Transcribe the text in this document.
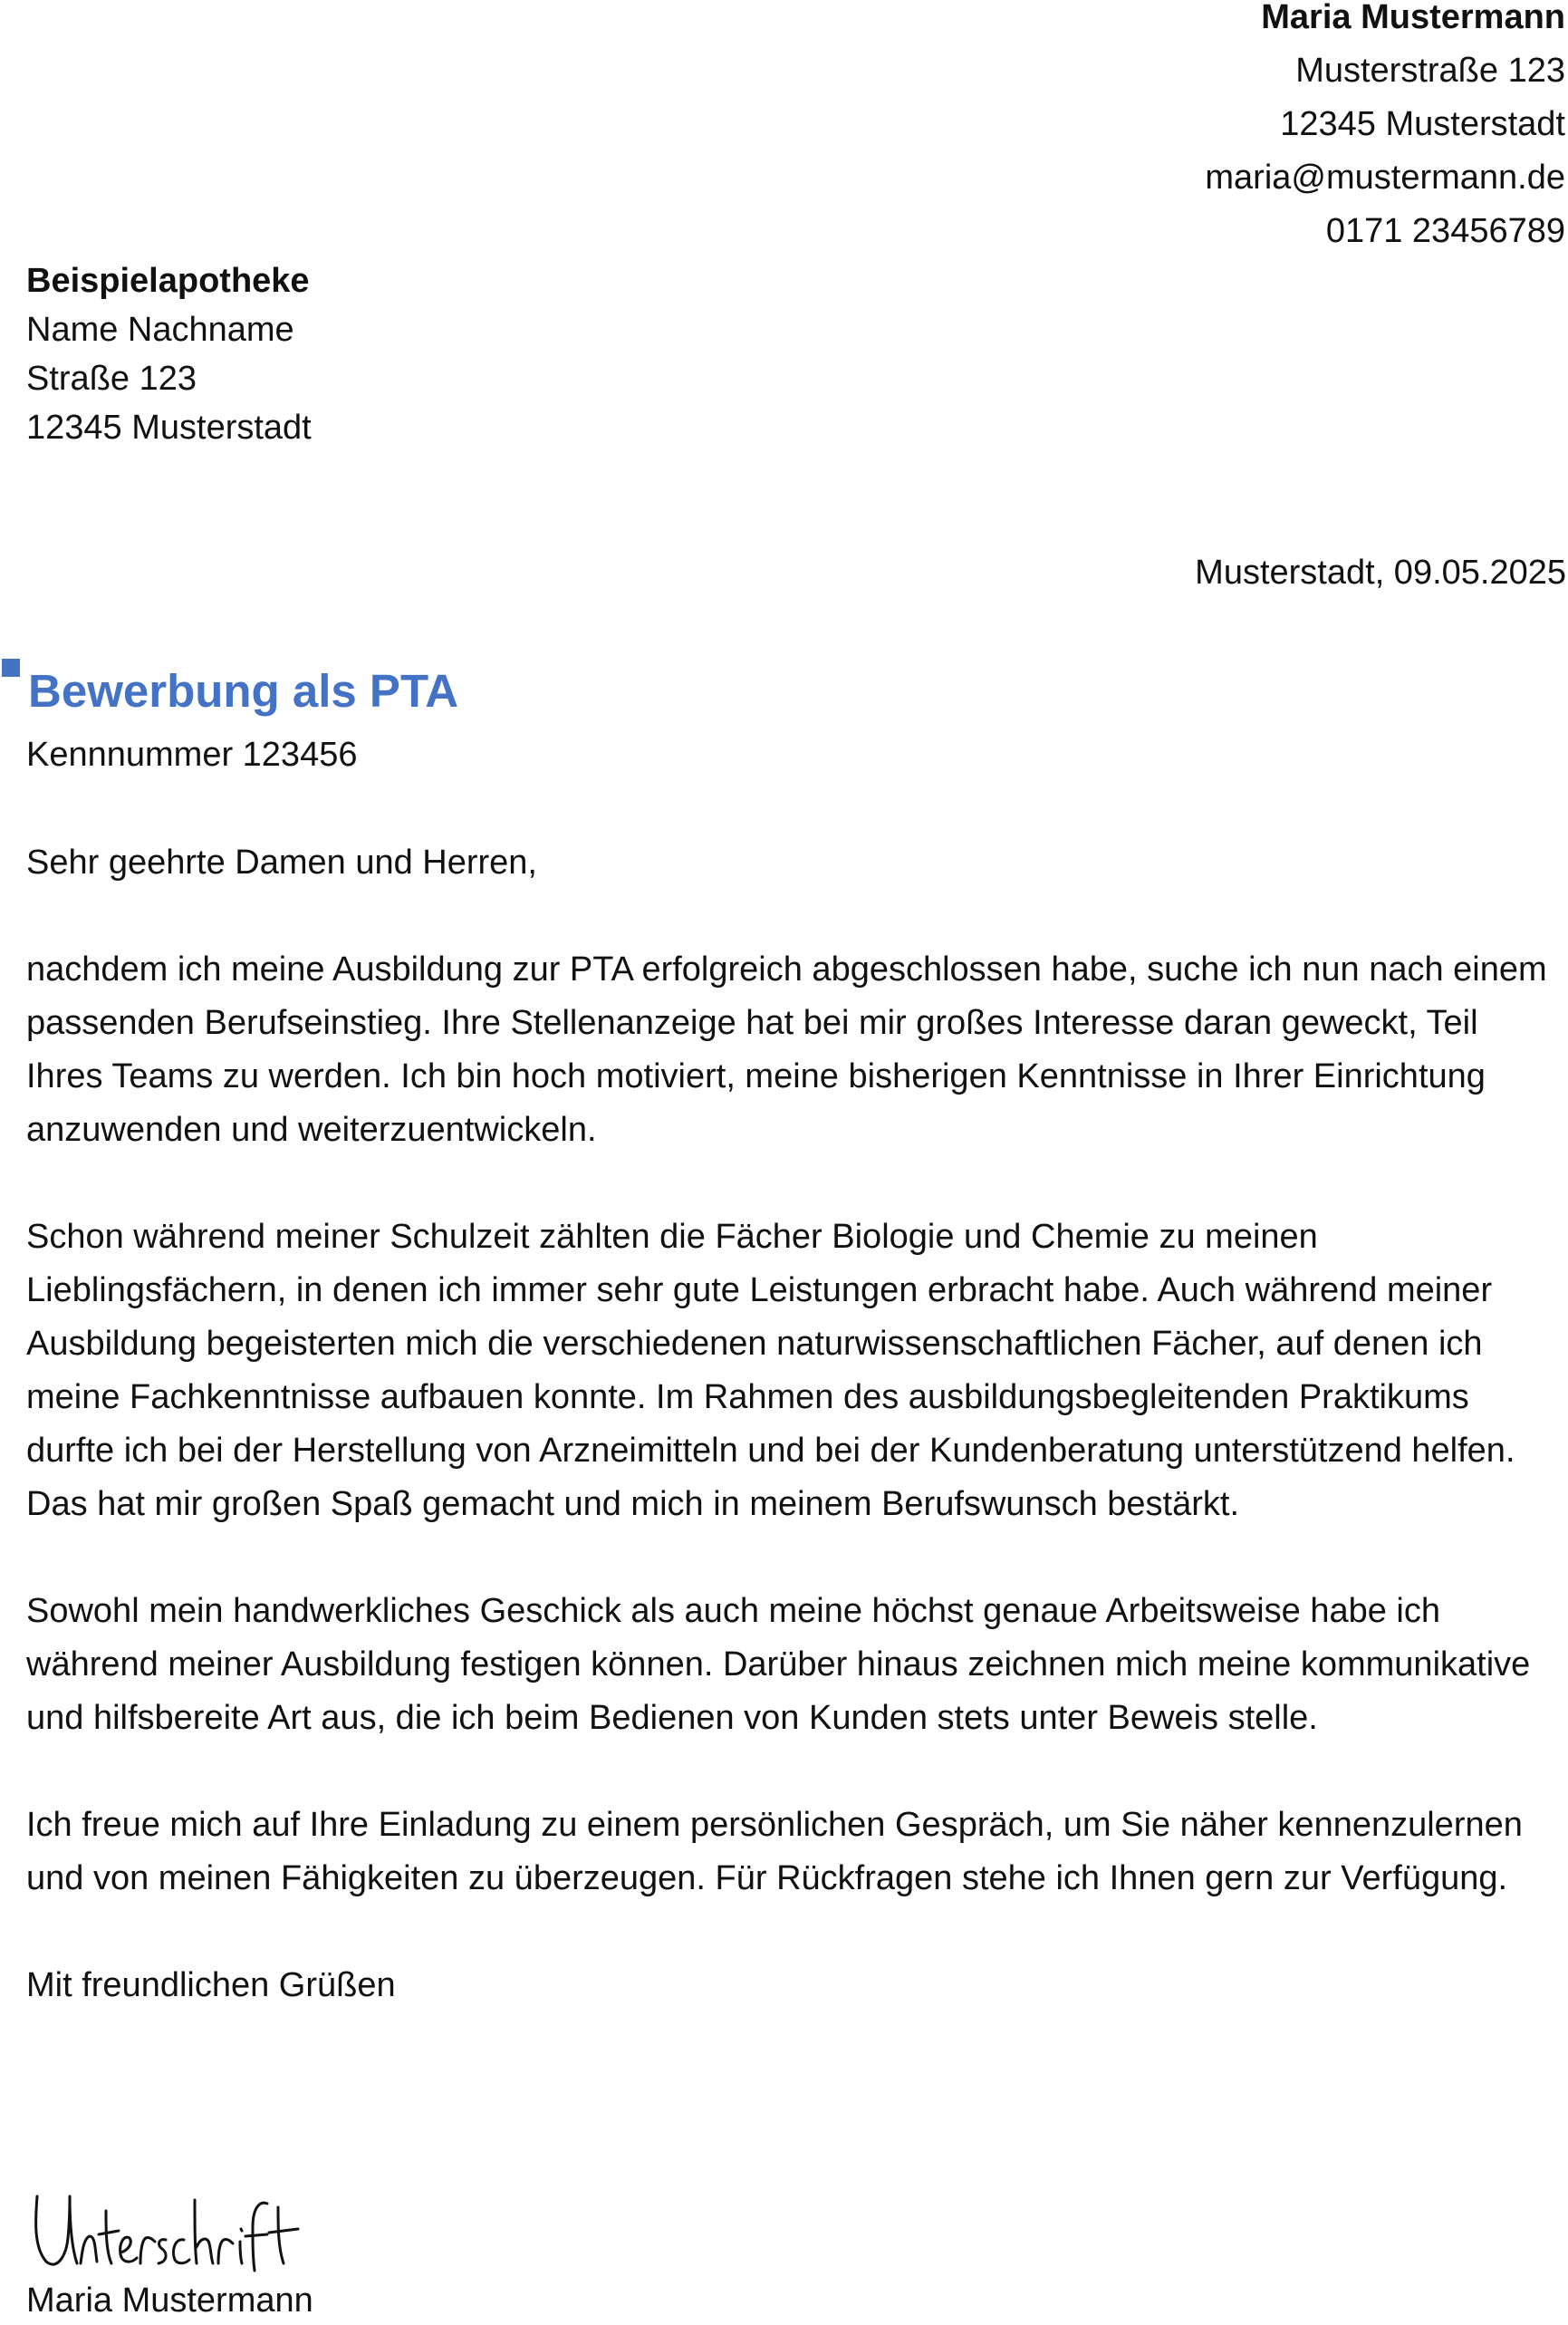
Maria Mustermann
Musterstraße 123
12345 Musterstadt
maria@mustermann.de
0171 23456789
Beispielapotheke
Name Nachname
Straße 123
12345 Musterstadt
Musterstadt, 09.05.2025
Bewerbung als PTA
Kennnummer 123456

Sehr geehrte Damen und Herren,

nachdem ich meine Ausbildung zur PTA erfolgreich abgeschlossen habe, suche ich nun nach einem passenden Berufseinstieg. Ihre Stellenanzeige hat bei mir großes Interesse daran geweckt, Teil Ihres Teams zu werden. Ich bin hoch motiviert, meine bisherigen Kenntnisse in Ihrer Einrichtung anzuwenden und weiterzuentwickeln.

Schon während meiner Schulzeit zählten die Fächer Biologie und Chemie zu meinen Lieblingsfächern, in denen ich immer sehr gute Leistungen erbracht habe. Auch während meiner Ausbildung begeisterten mich die verschiedenen naturwissenschaftlichen Fächer, auf denen ich meine Fachkenntnisse aufbauen konnte. Im Rahmen des ausbildungsbegleitenden Praktikums durfte ich bei der Herstellung von Arzneimitteln und bei der Kundenberatung unterstützend helfen. Das hat mir großen Spaß gemacht und mich in meinem Berufswunsch bestärkt.

Sowohl mein handwerkliches Geschick als auch meine höchst genaue Arbeitsweise habe ich während meiner Ausbildung festigen können. Darüber hinaus zeichnen mich meine kommunikative und hilfsbereite Art aus, die ich beim Bedienen von Kunden stets unter Beweis stelle.

Ich freue mich auf Ihre Einladung zu einem persönlichen Gespräch, um Sie näher kennenzulernen und von meinen Fähigkeiten zu überzeugen. Für Rückfragen stehe ich Ihnen gern zur Verfügung.

Mit freundlichen Grüßen

Maria Mustermann
